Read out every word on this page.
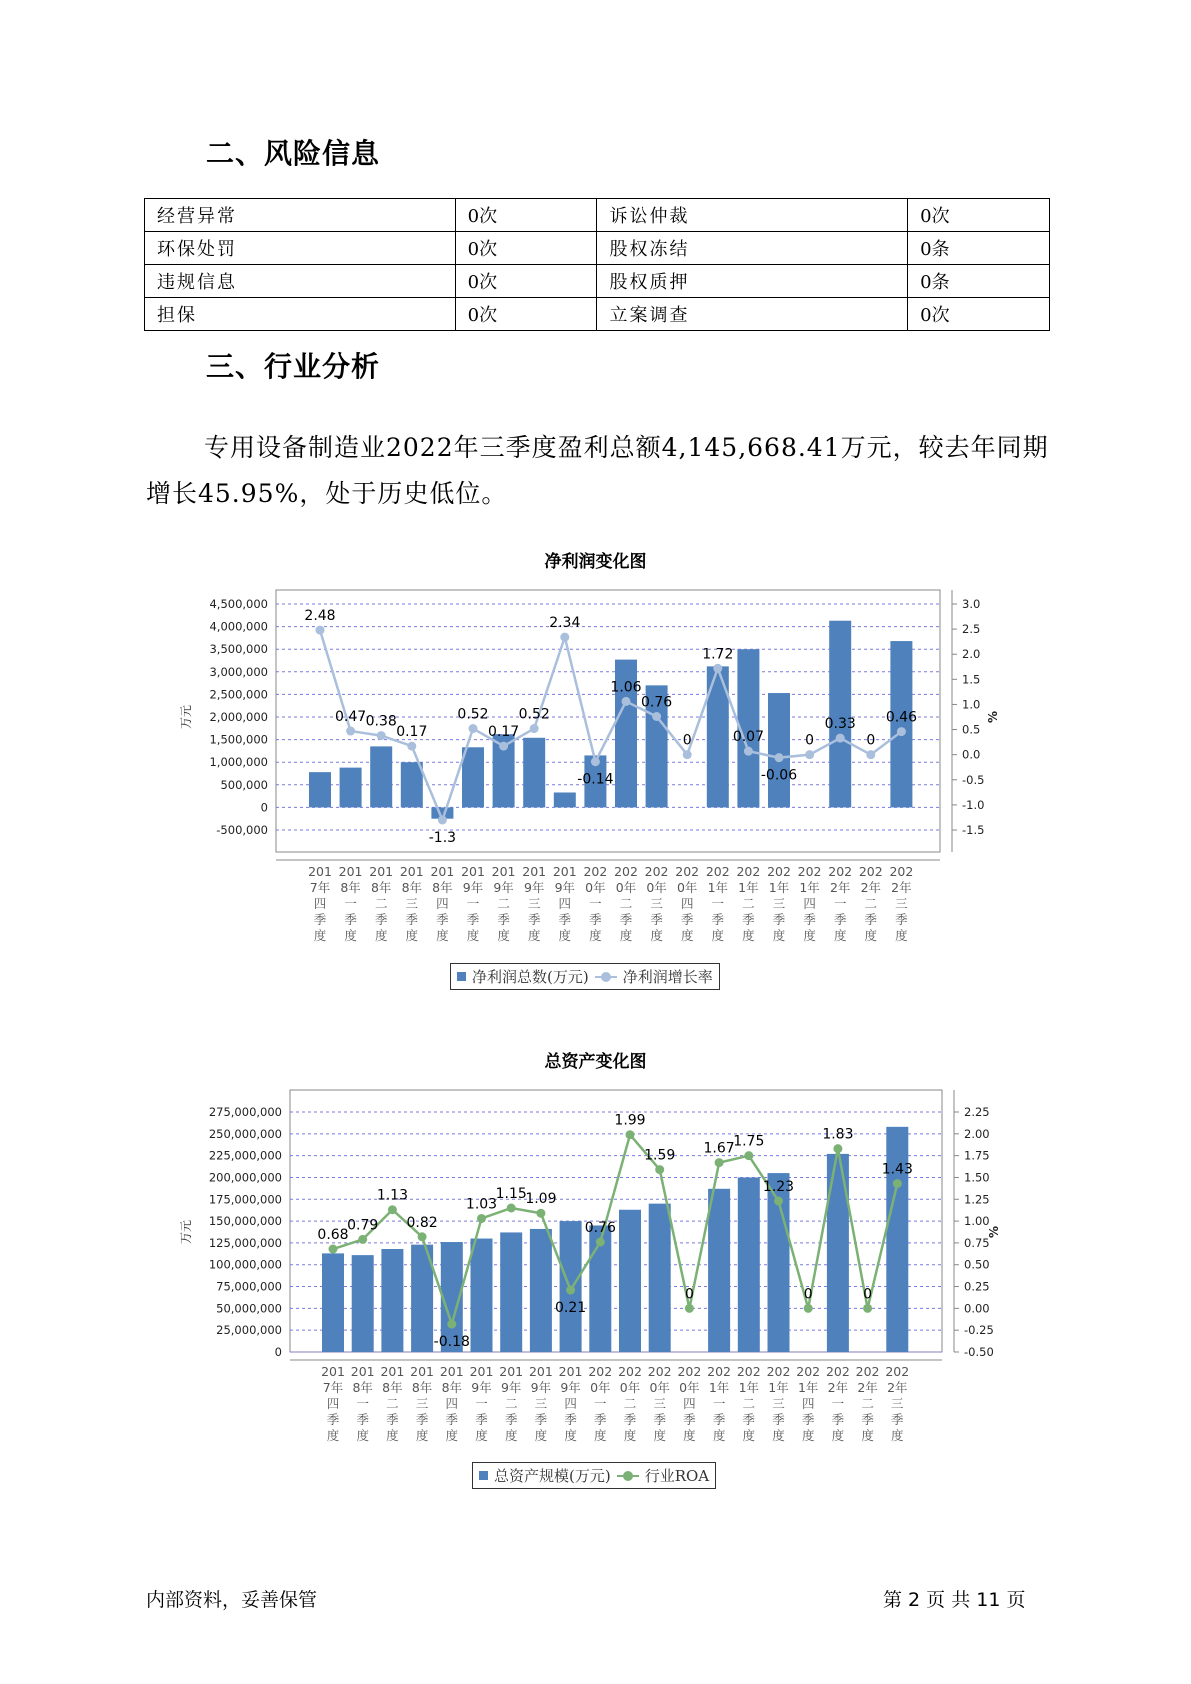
二、风险信息
经营异常	0次	诉讼仲裁	0次
环保处罚	0次	股权冻结	0条
违规信息	0次	股权质押	0条
担保	0次	立案调查	0次
三、行业分析
专用设备制造业2022年三季度盈利总额4,145,668.41万元，较去年同期增长45.95%，处于历史低位。
净利润变化图
4,500,000
4,000,000
3,500,000
3,000,000
2,500,000
2,000,000
1,500,000
1,000,000
500,000
0
-500,000
3.0
2.5
2.0
1.5
1.0
0.5
0.0
-0.5
-1.0
-1.5
万元	%
201
7年
四
季
度
201
8年
一
季
度
201
8年
二
季
度
201
8年
三
季
度
201
8年
四
季
度
201
9年
一
季
度
201
9年
二
季
度
201
9年
三
季
度
201
9年
四
季
度
202
0年
一
季
度
202
0年
二
季
度
202
0年
三
季
度
202
0年
四
季
度
202
1年
一
季
度
202
1年
二
季
度
202
1年
三
季
度
202
1年
四
季
度
202
2年
一
季
度
202
2年
二
季
度
202
2年
三
季
度
2.48
0.47 0.38
0.17
-1.3
0.52
0.17
0.52
2.34
-0.14
1.06
0.76
0
1.72
0.07
-0.06
0
0.33
0
0.46
净利润总数(万元) 净利润增长率
总资产变化图
275,000,000
250,000,000
225,000,000
200,000,000
175,000,000
150,000,000
125,000,000
100,000,000
75,000,000
50,000,000
25,000,000
0
2.25
2.00
1.75
1.50
1.25
1.00
0.75
0.50
0.25
0.00
-0.25
-0.50
万元	%
201
7年
四
季
度
201
8年
一
季
度
201
8年
二
季
度
201
8年
三
季
度
201
8年
四
季
度
201
9年
一
季
度
201
9年
二
季
度
201
9年
三
季
度
201
9年
四
季
度
202
0年
一
季
度
202
0年
二
季
度
202
0年
三
季
度
202
0年
四
季
度
202
1年
一
季
度
202
1年
二
季
度
202
1年
三
季
度
202
1年
四
季
度
202
2年
一
季
度
202
2年
二
季
度
202
2年
三
季
度
0.68
0.79
1.13
0.82
-0.18
1.03
1.15
1.09
0.21
0.76
1.99
1.59
0
1.67
1.75
1.23
0
1.83
0
1.43
总资产规模(万元) 行业ROA
内部资料，妥善保管	第 2 页 共 11 页
